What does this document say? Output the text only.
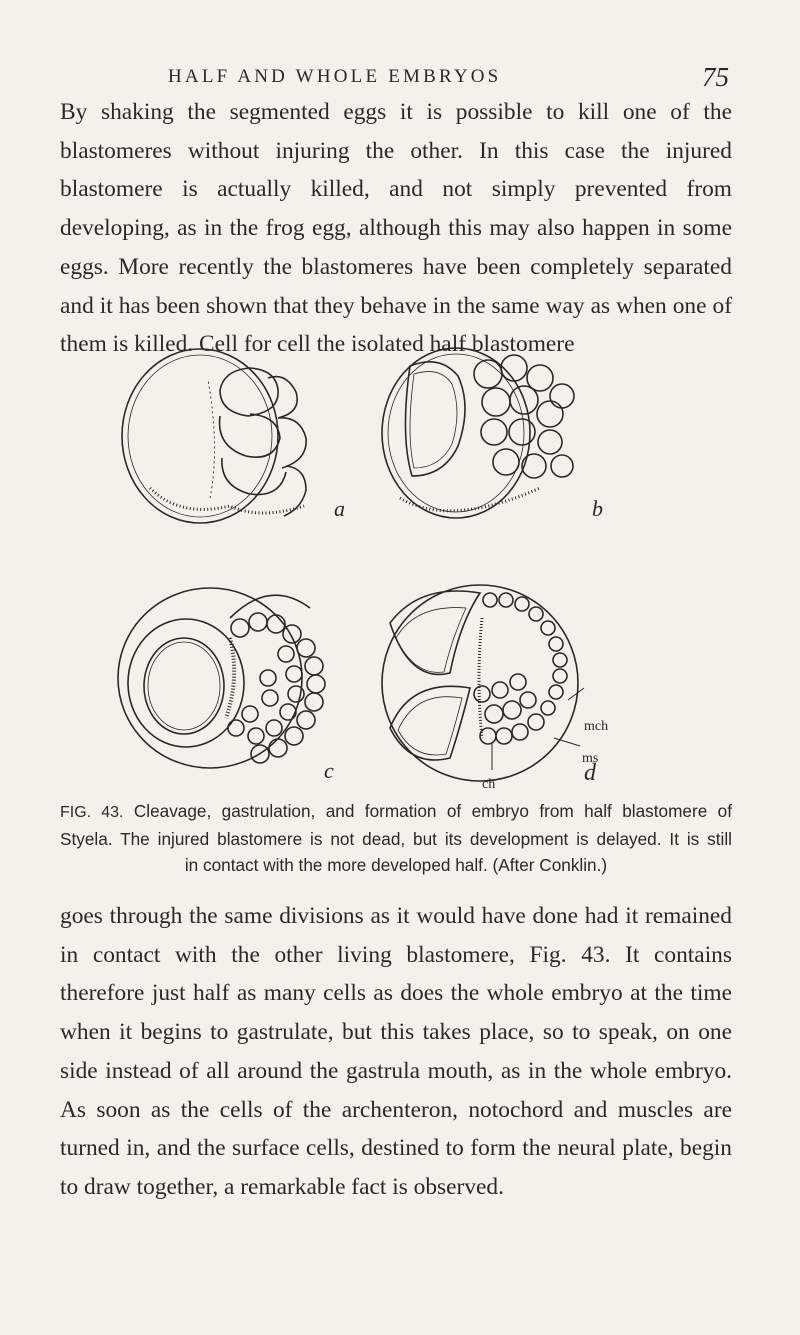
HALF AND WHOLE EMBRYOS	75

By shaking the segmented eggs it is possible to kill one of the blastomeres without injuring the other. In this case the injured blastomere is actually killed, and not simply prevented from developing, as in the frog egg, although this may also happen in some eggs. More recently the blastomeres have been completely separated and it has been shown that they behave in the same way as when one of them is killed. Cell for cell the isolated half blastomere

a	b
c	d
mch
ms
ch
FIG. 43. Cleavage, gastrulation, and formation of embryo from half blastomere of
Styela. The injured blastomere is not dead, but its development is delayed. It is still
in contact with the more developed half. (After Conklin.)

goes through the same divisions as it would have done had it remained in contact with the other living blastomere, Fig. 43. It contains therefore just half as many cells as does the whole embryo at the time when it begins to gastrulate, but this takes place, so to speak, on one side instead of all around the gastrula mouth, as in the whole embryo. As soon as the cells of the archenteron, notochord and muscles are turned in, and the surface cells, destined to form the neural plate, begin to draw together, a remarkable fact is observed.
